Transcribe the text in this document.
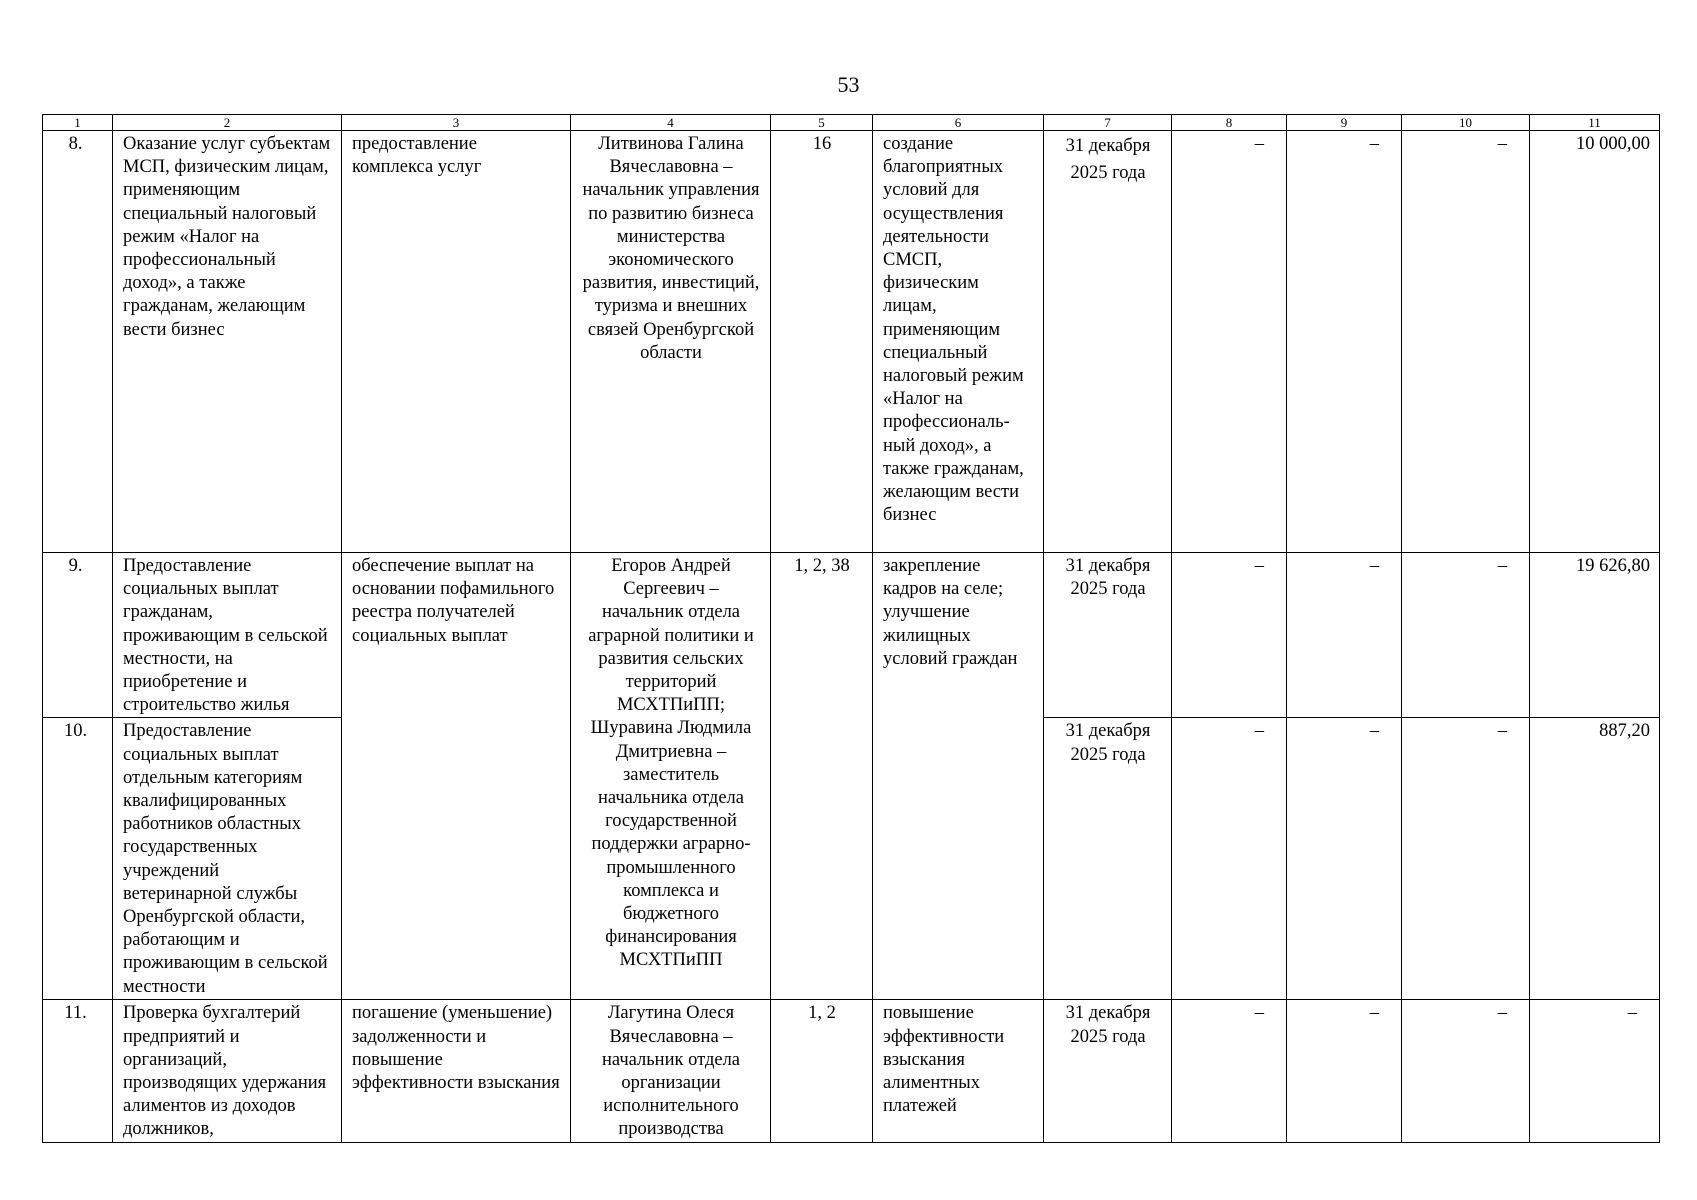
53
1	2	3	4	5	6	7	8	9	10	11
8.	Оказание услуг субъектам МСП, физическим лицам, применяющим специальный налоговый режим «Налог на профессиональный доход», а также гражданам, желающим вести бизнес	предоставление комплекса услуг	Литвинова Галина Вячеславовна – начальник управления по развитию бизнеса министерства экономического развития, инвестиций, туризма и внешних связей Оренбургской области	16	создание благоприятных условий для осуществления деятельности СМСП, физическим лицам, применяющим специальный налоговый режим «Налог на профессиональ-ный доход», а также гражданам, желающим вести бизнес	31 декабря 2025 года	–	–	–	10 000,00
9.	Предоставление социальных выплат гражданам, проживающим в сельской местности, на приобретение и строительство жилья	обеспечение выплат на основании пофамильного реестра получателей социальных выплат	Егоров Андрей Сергеевич – начальник отдела аграрной политики и развития сельских территорий МСХТПиПП; Шуравина Людмила Дмитриевна – заместитель начальника отдела государственной поддержки аграрно-промышленного комплекса и бюджетного финансирования МСХТПиПП	1, 2, 38	закрепление кадров на селе; улучшение жилищных условий граждан	31 декабря 2025 года	–	–	–	19 626,80
10.	Предоставление социальных выплат отдельным категориям квалифицированных работников областных государственных учреждений ветеринарной службы Оренбургской области, работающим и проживающим в сельской местности					31 декабря 2025 года	–	–	–	887,20
11.	Проверка бухгалтерий предприятий и организаций, производящих удержания алиментов из доходов должников,	погашение (уменьшение) задолженности и повышение эффективности взыскания	Лагутина Олеся Вячеславовна – начальник отдела организации исполнительного производства	1, 2	повышение эффективности взыскания алиментных платежей	31 декабря 2025 года	–	–	–	–
